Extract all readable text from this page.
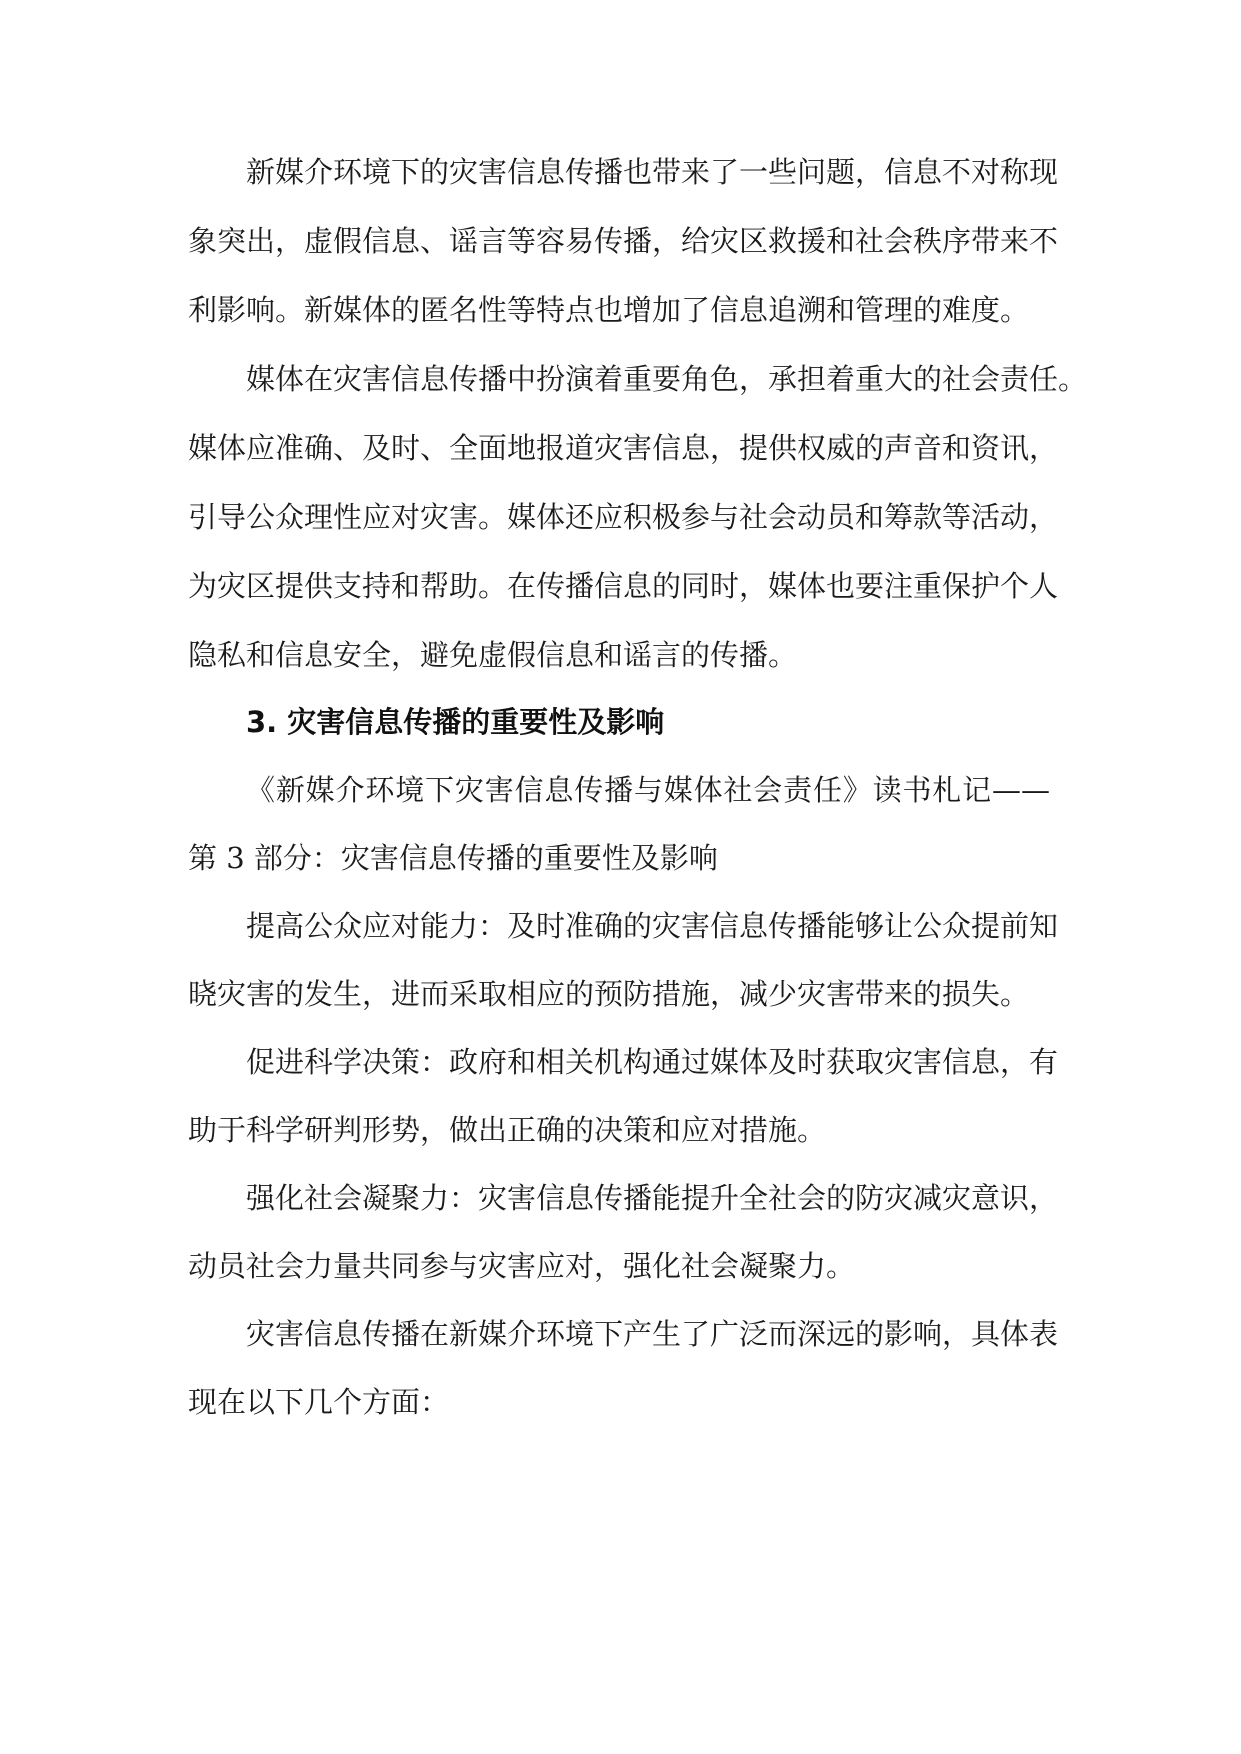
新媒介环境下的灾害信息传播也带来了一些问题，信息不对称现
象突出，虚假信息、谣言等容易传播，给灾区救援和社会秩序带来不
利影响。新媒体的匿名性等特点也增加了信息追溯和管理的难度。
媒体在灾害信息传播中扮演着重要角色，承担着重大的社会责任。
媒体应准确、及时、全面地报道灾害信息，提供权威的声音和资讯，
引导公众理性应对灾害。媒体还应积极参与社会动员和筹款等活动，
为灾区提供支持和帮助。在传播信息的同时，媒体也要注重保护个人
隐私和信息安全，避免虚假信息和谣言的传播。
3. 灾害信息传播的重要性及影响
《新媒介环境下灾害信息传播与媒体社会责任》读书札记——
第 3 部分：灾害信息传播的重要性及影响
提高公众应对能力：及时准确的灾害信息传播能够让公众提前知
晓灾害的发生，进而采取相应的预防措施，减少灾害带来的损失。
促进科学决策：政府和相关机构通过媒体及时获取灾害信息，有
助于科学研判形势，做出正确的决策和应对措施。
强化社会凝聚力：灾害信息传播能提升全社会的防灾减灾意识，
动员社会力量共同参与灾害应对，强化社会凝聚力。
灾害信息传播在新媒介环境下产生了广泛而深远的影响，具体表
现在以下几个方面：
